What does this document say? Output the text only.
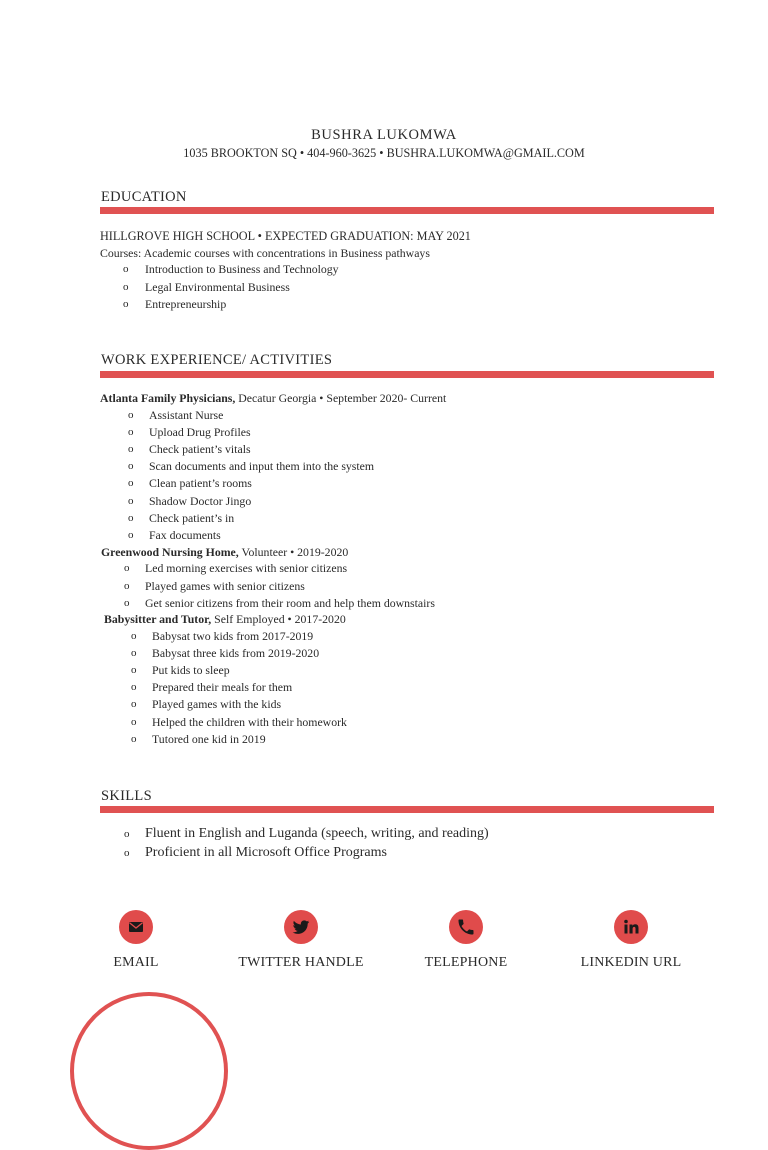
BUSHRA LUKOMWA
1035 BROOKTON SQ • 404-960-3625 • BUSHRA.LUKOMWA@GMAIL.COM
EDUCATION
HILLGROVE HIGH SCHOOL • EXPECTED GRADUATION: MAY 2021
Courses: Academic courses with concentrations in Business pathways
o Introduction to Business and Technology
o Legal Environmental Business
o Entrepreneurship
WORK EXPERIENCE/ ACTIVITIES
Atlanta Family Physicians, Decatur Georgia • September 2020- Current
o Assistant Nurse
o Upload Drug Profiles
o Check patient’s vitals
o Scan documents and input them into the system
o Clean patient’s rooms
o Shadow Doctor Jingo
o Check patient’s in
o Fax documents
Greenwood Nursing Home, Volunteer • 2019-2020
o Led morning exercises with senior citizens
o Played games with senior citizens
o Get senior citizens from their room and help them downstairs
Babysitter and Tutor, Self Employed • 2017-2020
o Babysat two kids from 2017-2019
o Babysat three kids from 2019-2020
o Put kids to sleep
o Prepared their meals for them
o Played games with the kids
o Helped the children with their homework
o Tutored one kid in 2019
SKILLS
o Fluent in English and Luganda (speech, writing, and reading)
o Proficient in all Microsoft Office Programs
EMAIL	TWITTER HANDLE	TELEPHONE	LINKEDIN URL
